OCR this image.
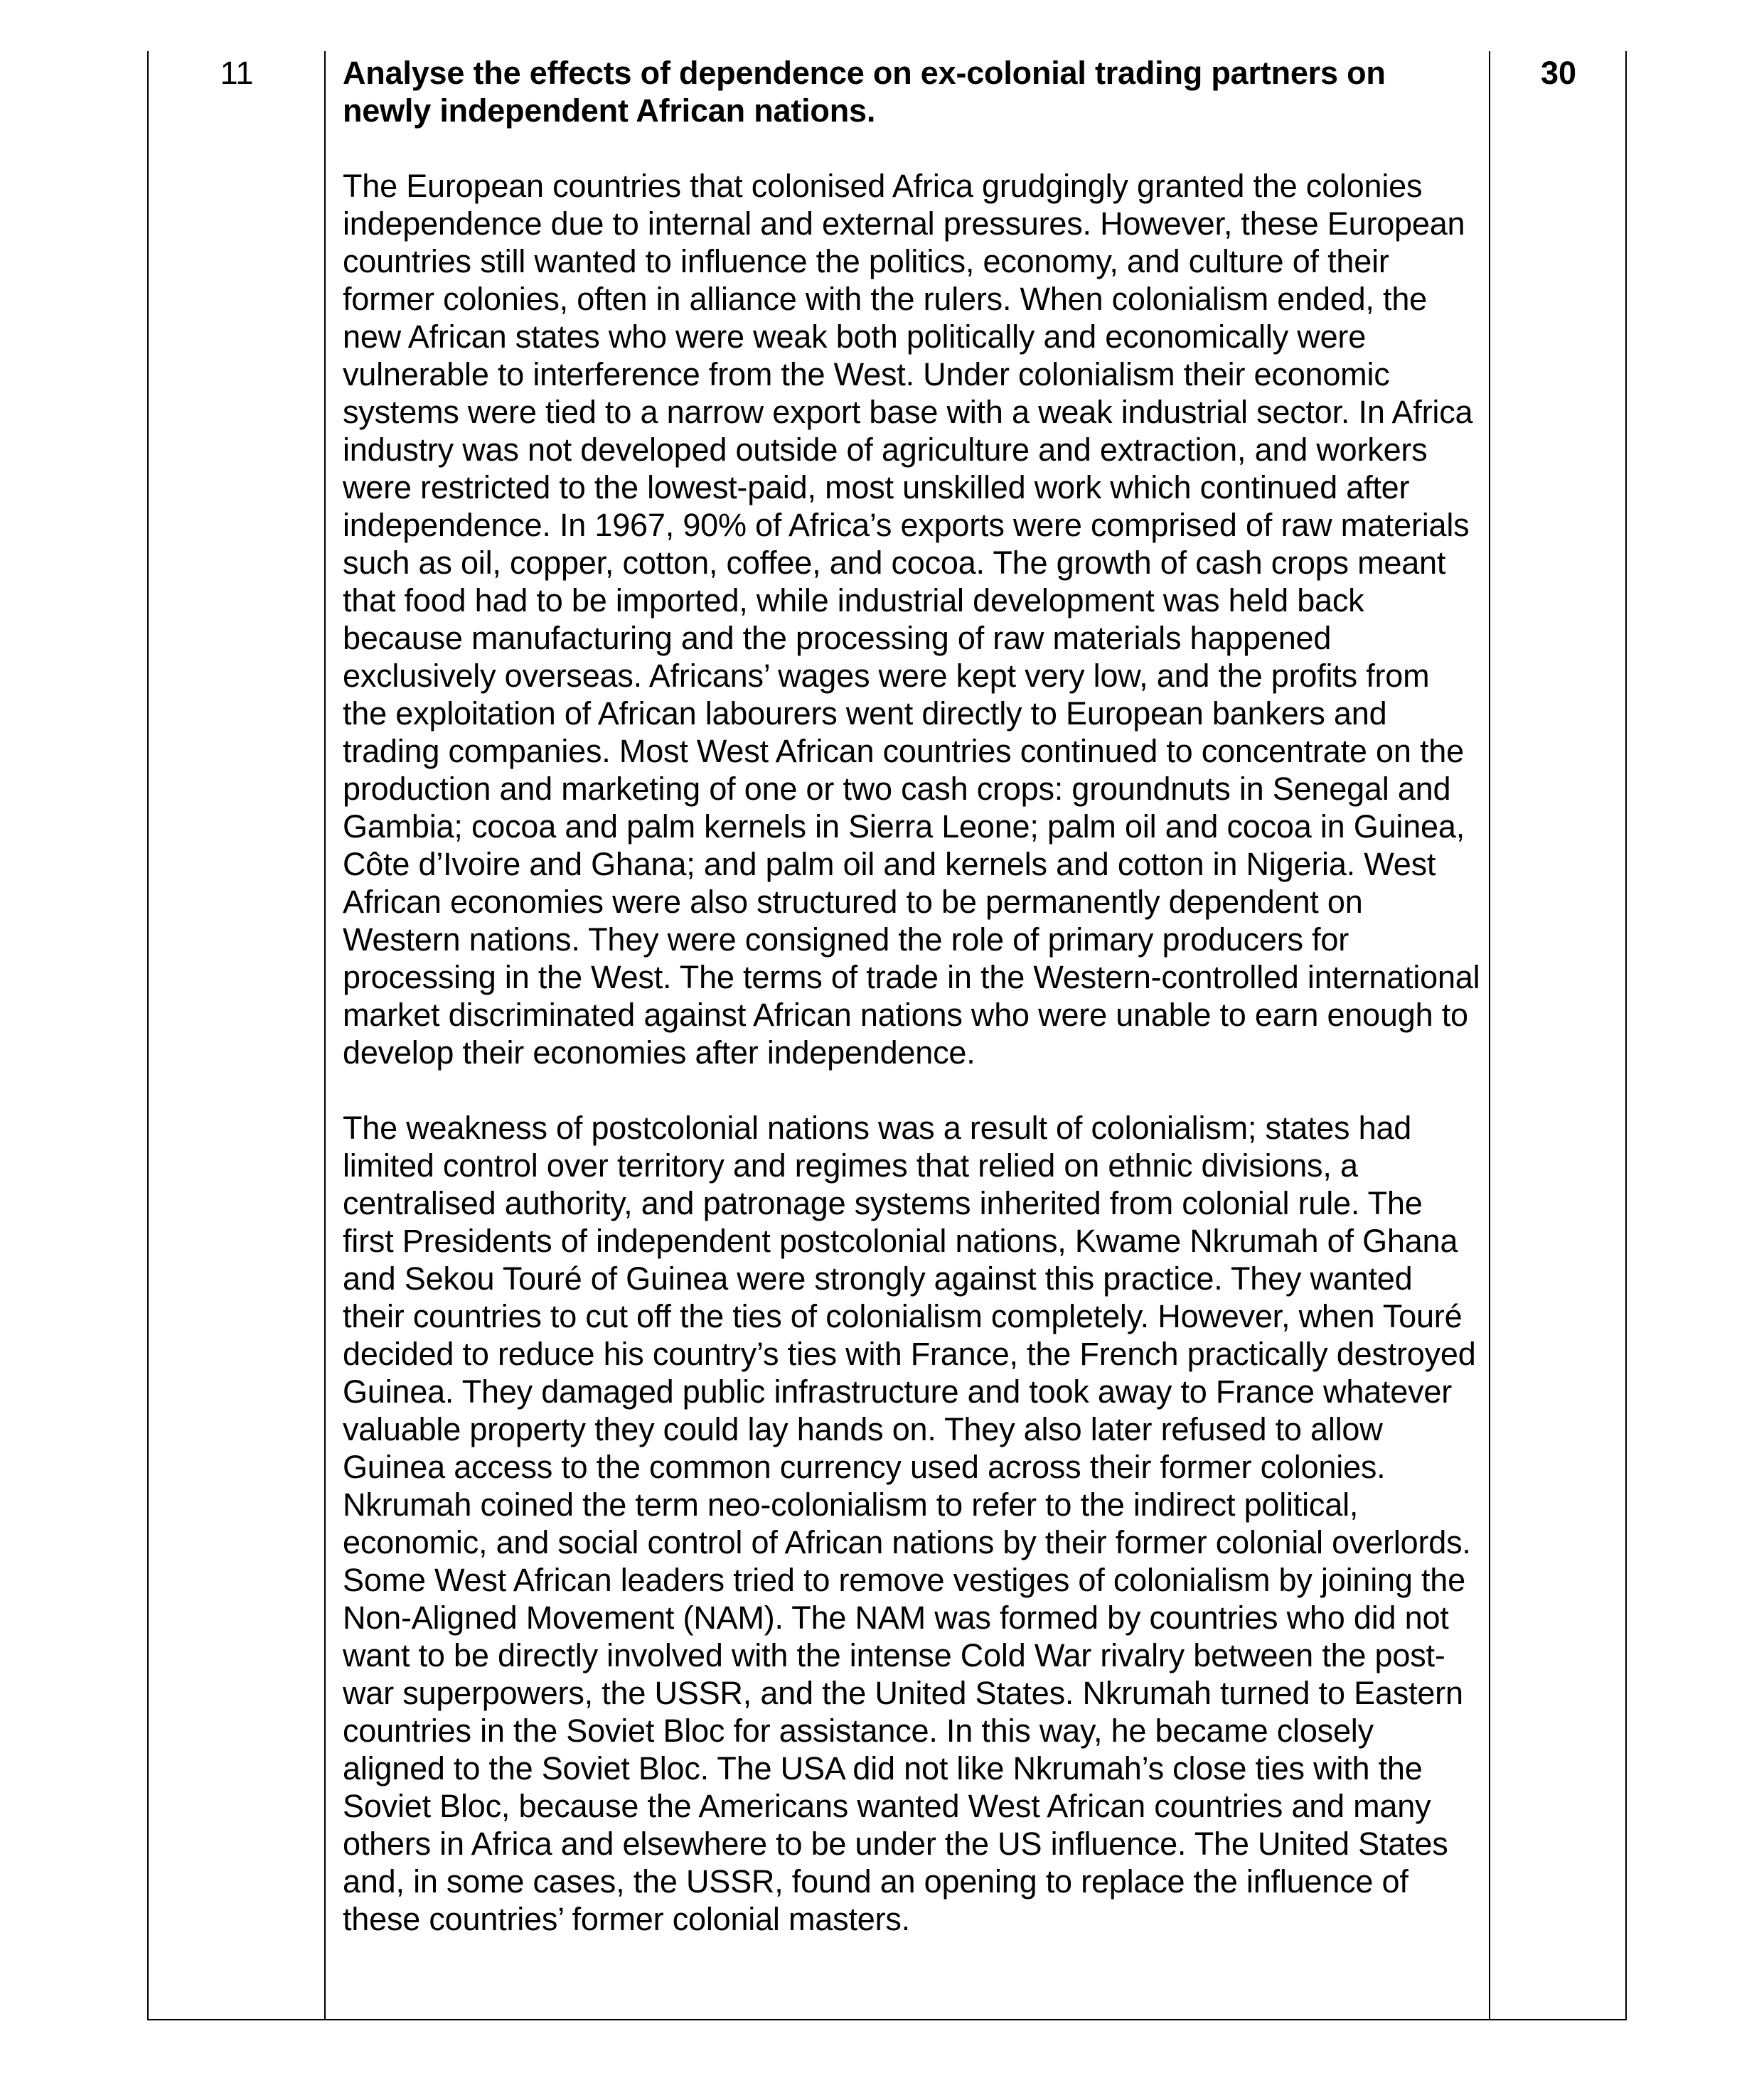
11	Analyse the effects of dependence on ex-colonial trading partners on newly independent African nations.

The European countries that colonised Africa grudgingly granted the colonies independence due to internal and external pressures. However, these European countries still wanted to influence the politics, economy, and culture of their former colonies, often in alliance with the rulers. When colonialism ended, the new African states who were weak both politically and economically were vulnerable to interference from the West. Under colonialism their economic systems were tied to a narrow export base with a weak industrial sector. In Africa industry was not developed outside of agriculture and extraction, and workers were restricted to the lowest-paid, most unskilled work which continued after independence. In 1967, 90% of Africa’s exports were comprised of raw materials such as oil, copper, cotton, coffee, and cocoa. The growth of cash crops meant that food had to be imported, while industrial development was held back because manufacturing and the processing of raw materials happened exclusively overseas. Africans’ wages were kept very low, and the profits from the exploitation of African labourers went directly to European bankers and trading companies. Most West African countries continued to concentrate on the production and marketing of one or two cash crops: groundnuts in Senegal and Gambia; cocoa and palm kernels in Sierra Leone; palm oil and cocoa in Guinea, Côte d’Ivoire and Ghana; and palm oil and kernels and cotton in Nigeria. West African economies were also structured to be permanently dependent on Western nations. They were consigned the role of primary producers for processing in the West. The terms of trade in the Western-controlled international market discriminated against African nations who were unable to earn enough to develop their economies after independence.

The weakness of postcolonial nations was a result of colonialism; states had limited control over territory and regimes that relied on ethnic divisions, a centralised authority, and patronage systems inherited from colonial rule. The first Presidents of independent postcolonial nations, Kwame Nkrumah of Ghana and Sekou Touré of Guinea were strongly against this practice. They wanted their countries to cut off the ties of colonialism completely. However, when Touré decided to reduce his country’s ties with France, the French practically destroyed Guinea. They damaged public infrastructure and took away to France whatever valuable property they could lay hands on. They also later refused to allow Guinea access to the common currency used across their former colonies. Nkrumah coined the term neo-colonialism to refer to the indirect political, economic, and social control of African nations by their former colonial overlords. Some West African leaders tried to remove vestiges of colonialism by joining the Non-Aligned Movement (NAM). The NAM was formed by countries who did not want to be directly involved with the intense Cold War rivalry between the post-war superpowers, the USSR, and the United States. Nkrumah turned to Eastern countries in the Soviet Bloc for assistance. In this way, he became closely aligned to the Soviet Bloc. The USA did not like Nkrumah’s close ties with the Soviet Bloc, because the Americans wanted West African countries and many others in Africa and elsewhere to be under the US influence. The United States and, in some cases, the USSR, found an opening to replace the influence of these countries’ former colonial masters.

30
